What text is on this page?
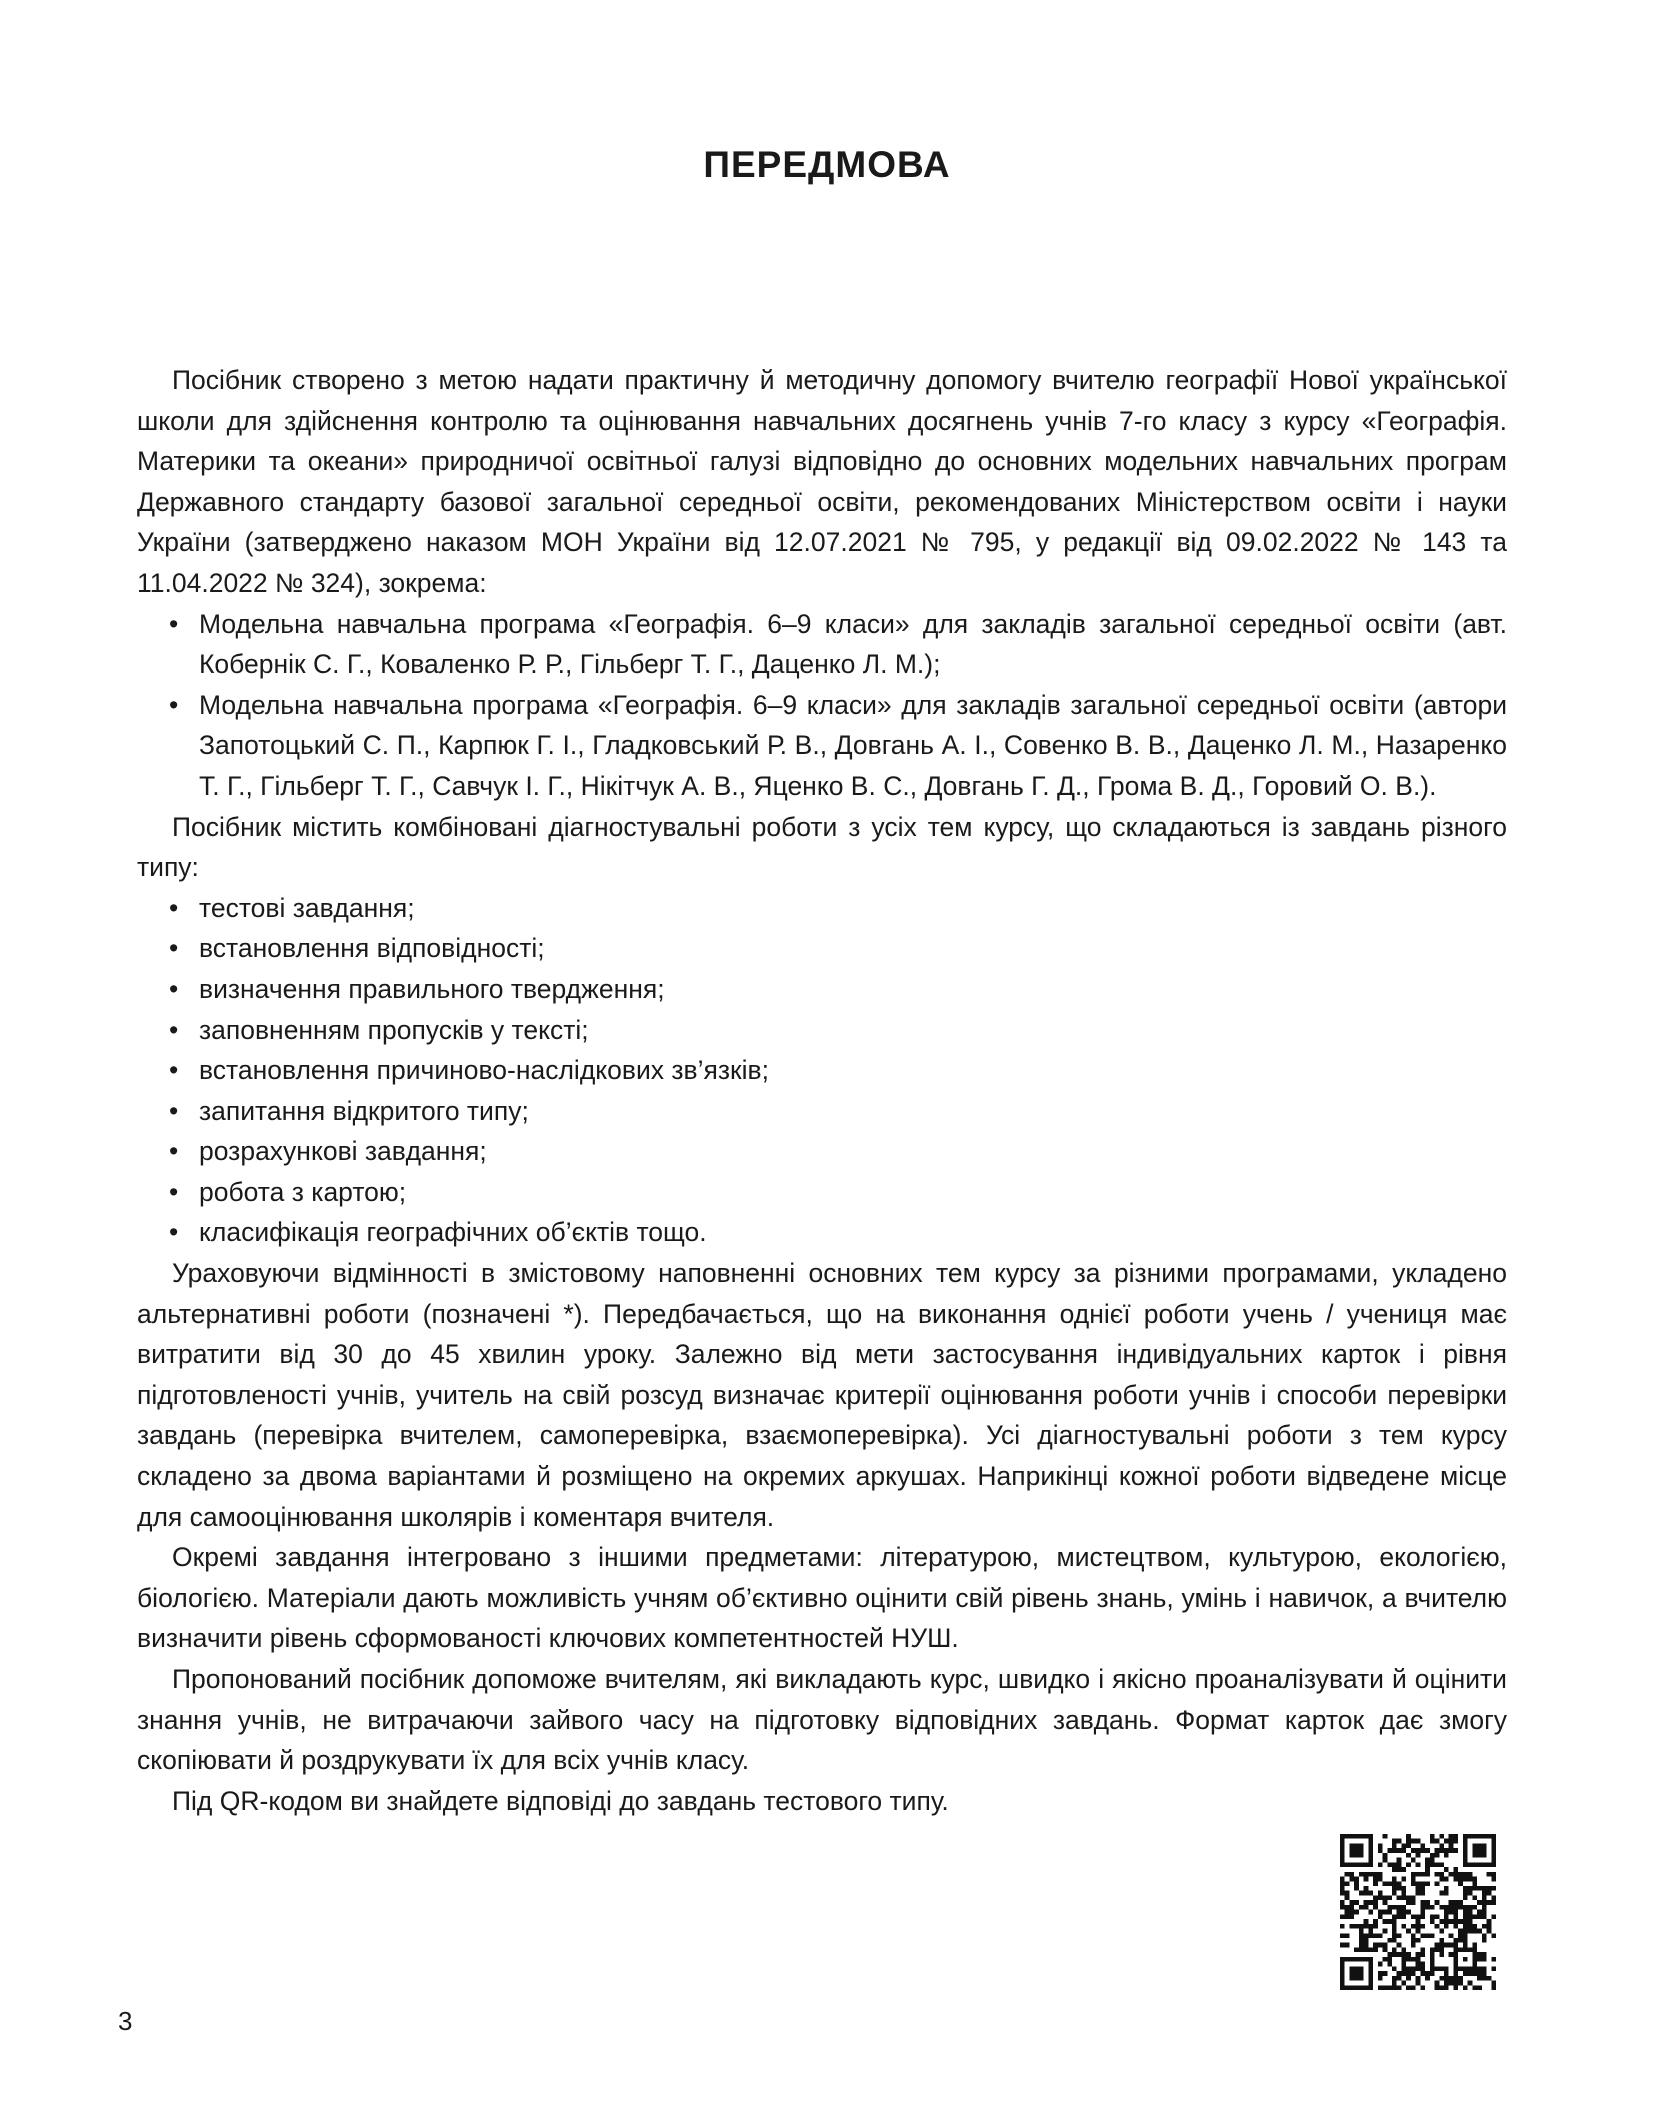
ПЕРЕДМОВА

Посібник створено з метою надати практичну й методичну допомогу вчителю географії Нової української школи для здійснення контролю та оцінювання навчальних досягнень учнів 7-го класу з курсу «Географія. Материки та океани» природничої освітньої галузі відповідно до основних модельних навчальних програм Державного стандарту базової загальної середньої освіти, рекомендованих Міністерством освіти і науки України (затверджено наказом МОН України від 12.07.2021 № 795, у редакції від 09.02.2022 № 143 та 11.04.2022 № 324), зокрема:

• Модельна навчальна програма «Географія. 6–9 класи» для закладів загальної середньої освіти (авт. Кобернік С. Г., Коваленко Р. Р., Гільберг Т. Г., Даценко Л. М.);
• Модельна навчальна програма «Географія. 6–9 класи» для закладів загальної середньої освіти (автори Запотоцький С. П., Карпюк Г. І., Гладковський Р. В., Довгань А. І., Совенко В. В., Даценко Л. М., Назаренко Т. Г., Гільберг Т. Г., Савчук І. Г., Нікітчук А. В., Яценко В. С., Довгань Г. Д., Грома В. Д., Горовий О. В.).

Посібник містить комбіновані діагностувальні роботи з усіх тем курсу, що складаються із завдань різного типу:

• тестові завдання;
• встановлення відповідності;
• визначення правильного твердження;
• заповненням пропусків у тексті;
• встановлення причиново-наслідкових зв’язків;
• запитання відкритого типу;
• розрахункові завдання;
• робота з картою;
• класифікація географічних об’єктів тощо.

Ураховуючи відмінності в змістовому наповненні основних тем курсу за різними програмами, укладено альтернативні роботи (позначені *). Передбачається, що на виконання однієї роботи учень / учениця має витратити від 30 до 45 хвилин уроку. Залежно від мети застосування індивідуальних карток і рівня підготовленості учнів, учитель на свій розсуд визначає критерії оцінювання роботи учнів і способи перевірки завдань (перевірка вчителем, самоперевірка, взаємоперевірка). Усі діагностувальні роботи з тем курсу складено за двома варіантами й розміщено на окремих аркушах. Наприкінці кожної роботи відведене місце для самооцінювання школярів і коментаря вчителя.

Окремі завдання інтегровано з іншими предметами: літературою, мистецтвом, культурою, екологією, біологією. Матеріали дають можливість учням об’єктивно оцінити свій рівень знань, умінь і навичок, а вчителю визначити рівень сформованості ключових компетентностей НУШ.

Пропонований посібник допоможе вчителям, які викладають курс, швидко і якісно проаналізувати й оцінити знання учнів, не витрачаючи зайвого часу на підготовку відповідних завдань. Формат карток дає змогу скопіювати й роздрукувати їх для всіх учнів класу.

Під QR-кодом ви знайдете відповіді до завдань тестового типу.

3
